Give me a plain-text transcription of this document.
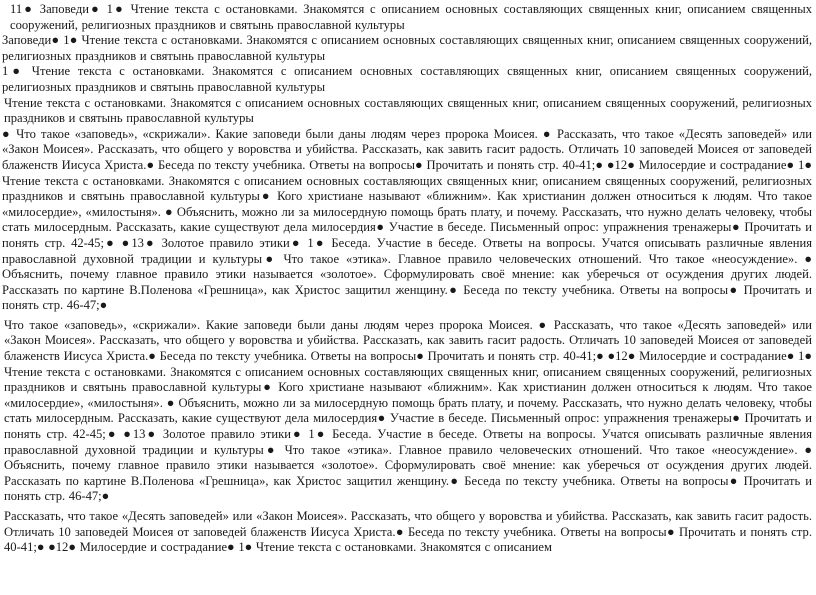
11● Заповеди● 1● Чтение текста с остановками. Знакомятся с описанием основных составляющих священных книг, описанием священных сооружений, религиозных праздников и святынь православной культуры

Заповеди● 1● Чтение текста с остановками. Знакомятся с описанием основных составляющих священных книг, описанием священных сооружений, религиозных праздников и святынь православной культуры

1● Чтение текста с остановками. Знакомятся с описанием основных составляющих священных книг, описанием священных сооружений, религиозных праздников и святынь православной культуры

Чтение текста с остановками. Знакомятся с описанием основных составляющих священных книг, описанием священных сооружений, религиозных праздников и святынь православной культуры

● Что такое «заповедь», «скрижали». Какие заповеди были даны людям через пророка Моисея. ● Рассказать, что такое «Десять заповедей» или «Закон Моисея». Рассказать, что общего у воровства и убийства. Рассказать, как завить гасит радость. Отличать 10 заповедей Моисея от заповедей блаженств Иисуса Христа.● Беседа по тексту учебника. Ответы на вопросы● Прочитать и понять стр. 40-41;● ●12● Милосердие и сострадание● 1● Чтение текста с остановками. Знакомятся с описанием основных составляющих священных книг, описанием священных сооружений, религиозных праздников и святынь православной культуры● Кого христиане называют «ближним». Как христианин должен относиться к людям. Что такое «милосердие», «милостыня». ● Объяснить, можно ли за милосердную помощь брать плату, и почему. Рассказать, что нужно делать человеку, чтобы стать милосердным. Рассказать, какие существуют дела милосердия● Участие в беседе. Письменный опрос: упражнения тренажеры● Прочитать и понять стр. 42-45;● ●13● Золотое правило этики● 1● Беседа. Участие в беседе. Ответы на вопросы. Учатся описывать различные явления православной духовной традиции и культуры● Что такое «этика». Главное правило человеческих отношений. Что такое «неосуждение». ● Объяснить, почему главное правило этики называется «золотое». Сформулировать своё мнение: как уберечься от осуждения других людей. Рассказать по картине В.Поленова «Грешница», как Христос защитил женщину.● Беседа по тексту учебника. Ответы на вопросы● Прочитать и понять стр. 46-47;●

Что такое «заповедь», «скрижали». Какие заповеди были даны людям через пророка Моисея. ● Рассказать, что такое «Десять заповедей» или «Закон Моисея». Рассказать, что общего у воровства и убийства. Рассказать, как завить гасит радость. Отличать 10 заповедей Моисея от заповедей блаженств Иисуса Христа.● Беседа по тексту учебника. Ответы на вопросы● Прочитать и понять стр. 40-41;● ●12● Милосердие и сострадание● 1● Чтение текста с остановками. Знакомятся с описанием основных составляющих священных книг, описанием священных сооружений, религиозных праздников и святынь православной культуры● Кого христиане называют «ближним». Как христианин должен относиться к людям. Что такое «милосердие», «милостыня». ● Объяснить, можно ли за милосердную помощь брать плату, и почему. Рассказать, что нужно делать человеку, чтобы стать милосердным. Рассказать, какие существуют дела милосердия● Участие в беседе. Письменный опрос: упражнения тренажеры● Прочитать и понять стр. 42-45;● ●13● Золотое правило этики● 1● Беседа. Участие в беседе. Ответы на вопросы. Учатся описывать различные явления православной духовной традиции и культуры● Что такое «этика». Главное правило человеческих отношений. Что такое «неосуждение». ● Объяснить, почему главное правило этики называется «золотое». Сформулировать своё мнение: как уберечься от осуждения других людей. Рассказать по картине В.Поленова «Грешница», как Христос защитил женщину.● Беседа по тексту учебника. Ответы на вопросы● Прочитать и понять стр. 46-47;●

Рассказать, что такое «Десять заповедей» или «Закон Моисея». Рассказать, что общего у воровства и убийства. Рассказать, как завить гасит радость. Отличать 10 заповедей Моисея от заповедей блаженств Иисуса Христа.● Беседа по тексту учебника. Ответы на вопросы● Прочитать и понять стр. 40-41;● ●12● Милосердие и сострадание● 1● Чтение текста с остановками. Знакомятся с описанием
